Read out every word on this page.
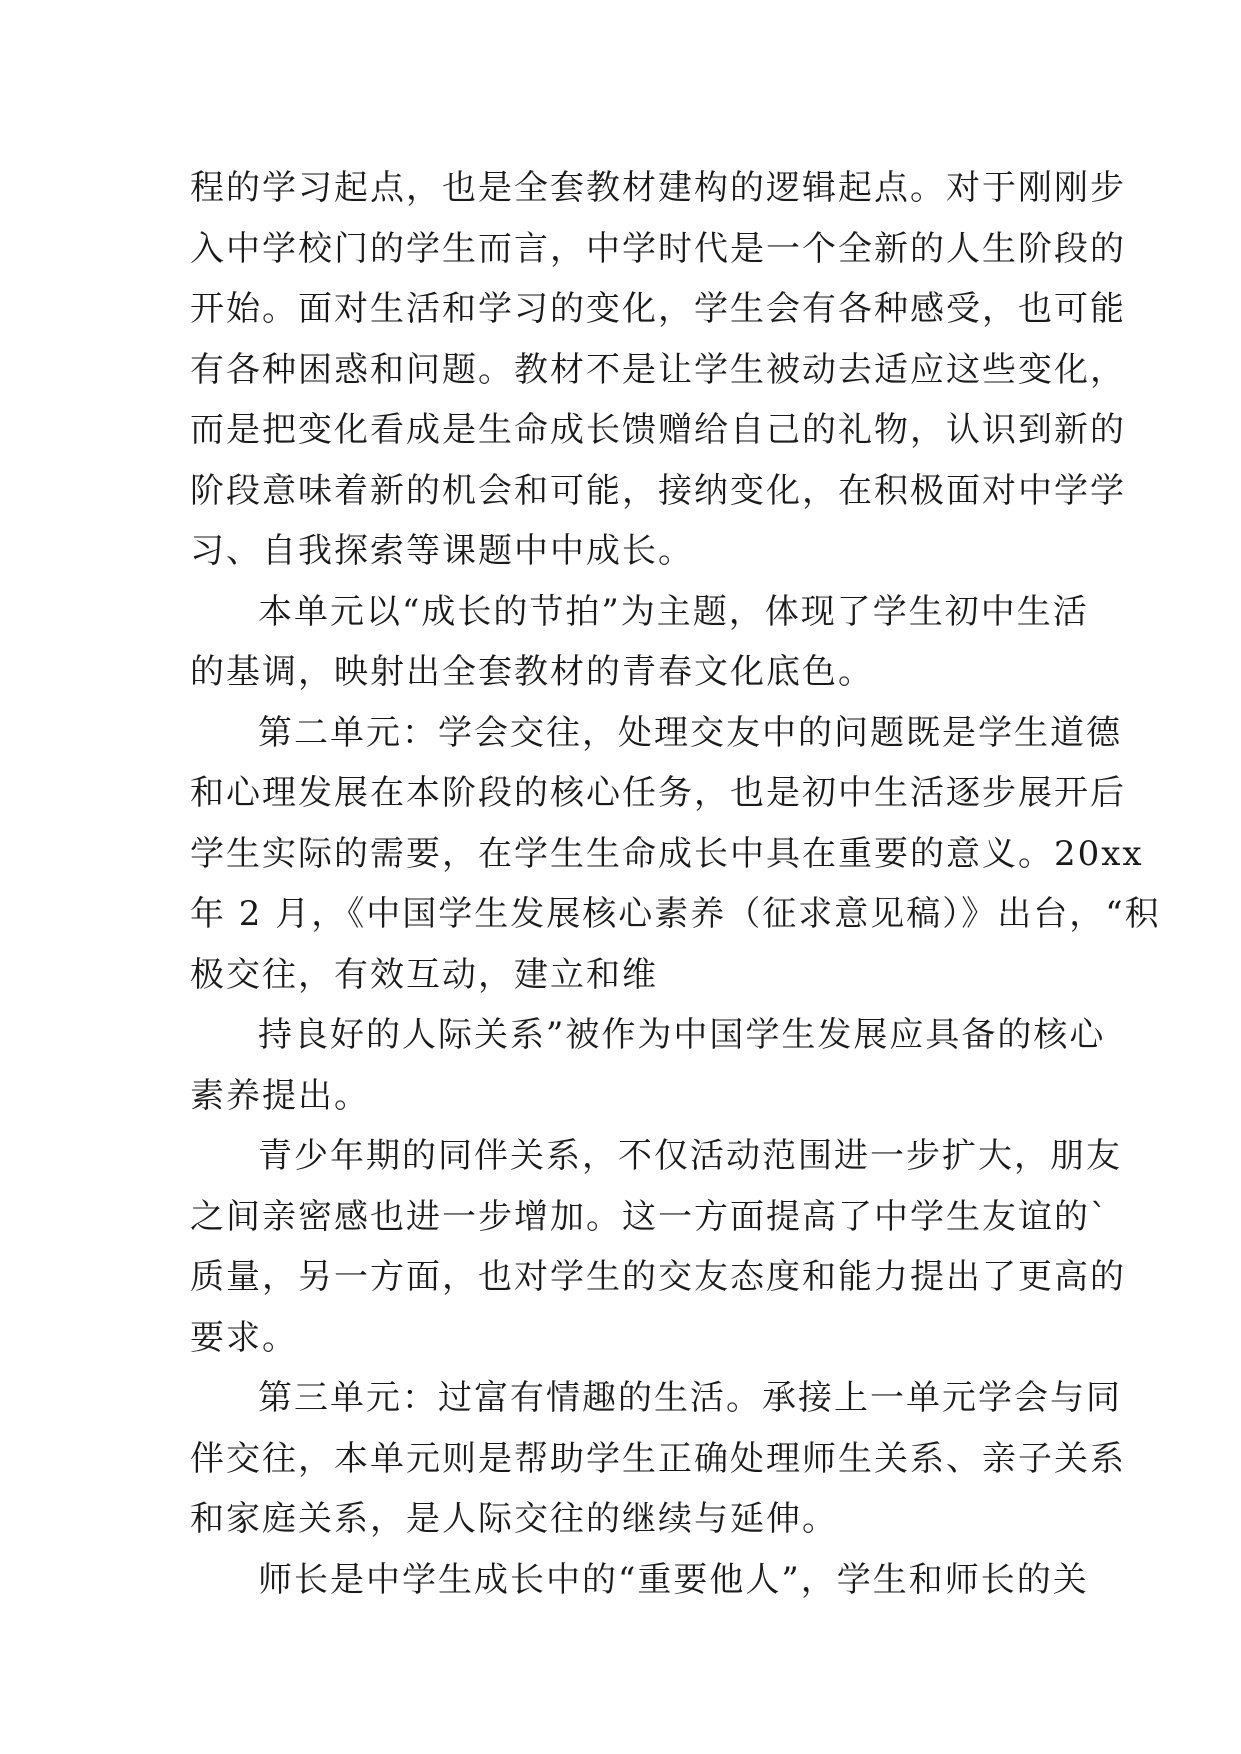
程的学习起点，也是全套教材建构的逻辑起点。对于刚刚步

入中学校门的学生而言，中学时代是一个全新的人生阶段的

开始。面对生活和学习的变化，学生会有各种感受，也可能

有各种困惑和问题。教材不是让学生被动去适应这些变化，

而是把变化看成是生命成长馈赠给自己的礼物，认识到新的

阶段意味着新的机会和可能，接纳变化，在积极面对中学学

习、自我探索等课题中中成长。

本单元以“成长的节拍”为主题，体现了学生初中生活

的基调，映射出全套教材的青春文化底色。

第二单元：学会交往，处理交友中的问题既是学生道德

和心理发展在本阶段的核心任务，也是初中生活逐步展开后

学生实际的需要，在学生生命成长中具在重要的意义。20xx

年 2 月，《中国学生发展核心素养（征求意见稿）》出台，“积

极交往，有效互动，建立和维

持良好的人际关系”被作为中国学生发展应具备的核心

素养提出。

青少年期的同伴关系，不仅活动范围进一步扩大，朋友

之间亲密感也进一步增加。这一方面提高了中学生友谊的`

质量，另一方面，也对学生的交友态度和能力提出了更高的

要求。

第三单元：过富有情趣的生活。承接上一单元学会与同

伴交往，本单元则是帮助学生正确处理师生关系、亲子关系

和家庭关系，是人际交往的继续与延伸。

师长是中学生成长中的“重要他人”，学生和师长的关
